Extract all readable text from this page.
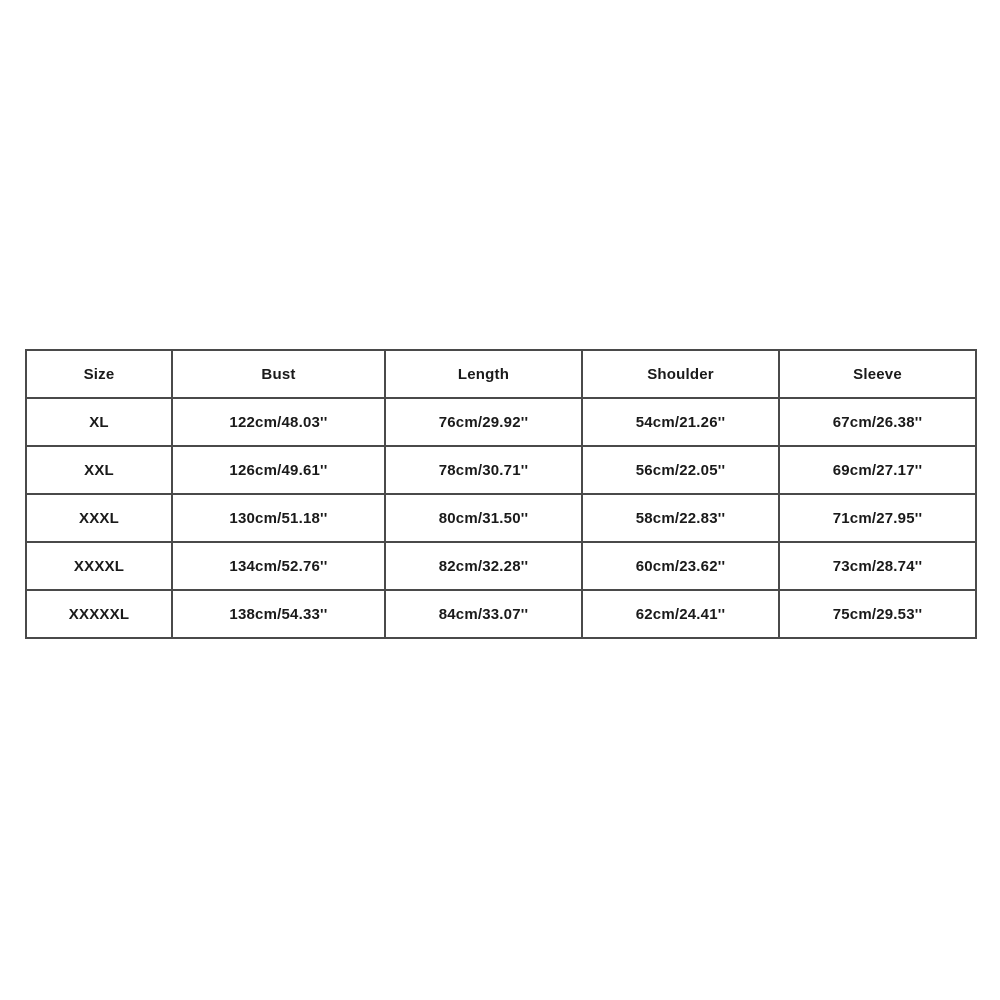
Size	Bust	Length	Shoulder	Sleeve
XL	122cm/48.03''	76cm/29.92''	54cm/21.26''	67cm/26.38''
XXL	126cm/49.61''	78cm/30.71''	56cm/22.05''	69cm/27.17''
XXXL	130cm/51.18''	80cm/31.50''	58cm/22.83''	71cm/27.95''
XXXXL	134cm/52.76''	82cm/32.28''	60cm/23.62''	73cm/28.74''
XXXXXL	138cm/54.33''	84cm/33.07''	62cm/24.41''	75cm/29.53''
